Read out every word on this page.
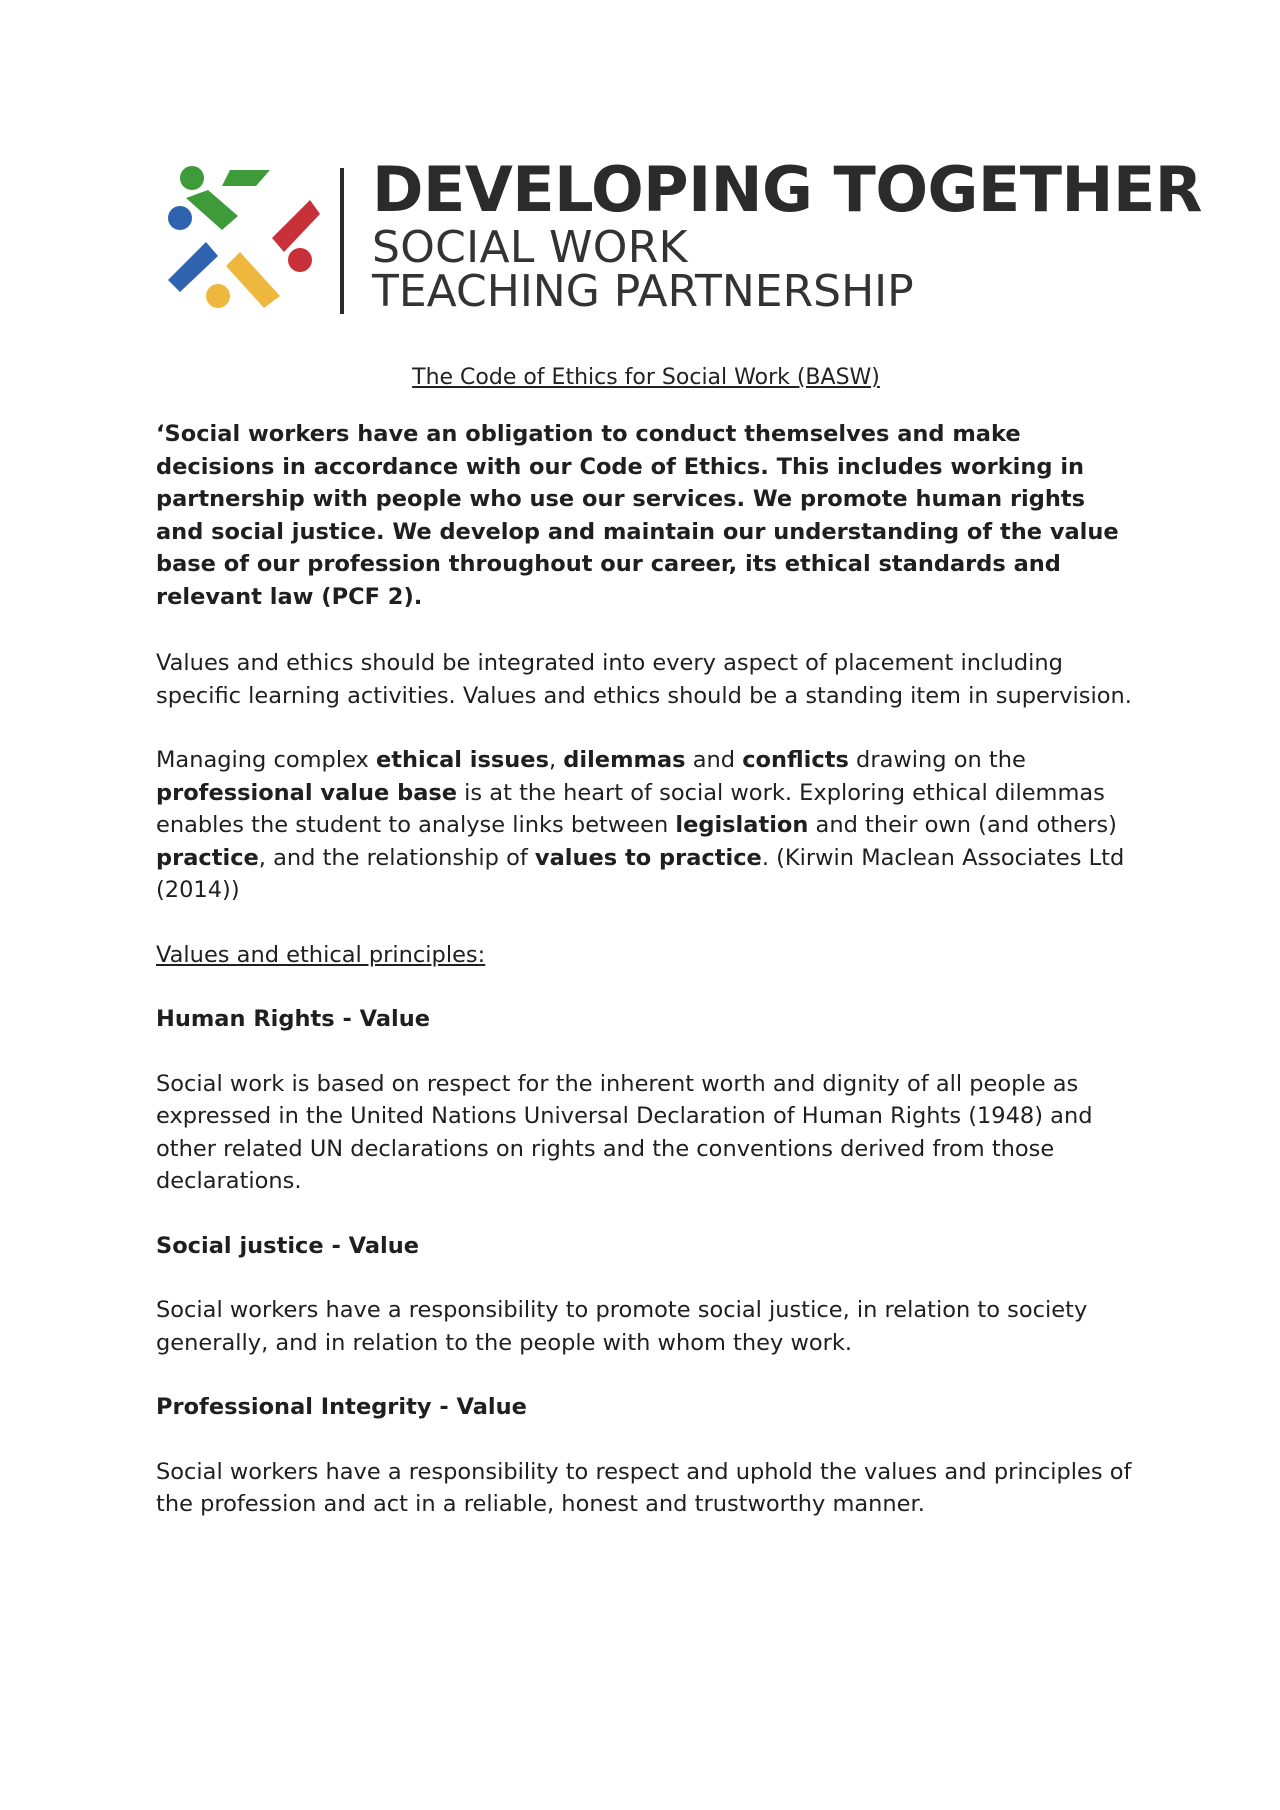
DEVELOPING TOGETHER
SOCIAL WORK
TEACHING PARTNERSHIP
The Code of Ethics for Social Work (BASW)

‘Social workers have an obligation to conduct themselves and make decisions in accordance with our Code of Ethics. This includes working in partnership with people who use our services. We promote human rights and social justice. We develop and maintain our understanding of the value base of our profession throughout our career, its ethical standards and relevant law (PCF 2).

Values and ethics should be integrated into every aspect of placement including specific learning activities. Values and ethics should be a standing item in supervision.

Managing complex ethical issues, dilemmas and conflicts drawing on the professional value base is at the heart of social work. Exploring ethical dilemmas enables the student to analyse links between legislation and their own (and others) practice, and the relationship of values to practice. (Kirwin Maclean Associates Ltd (2014))

Values and ethical principles:

Human Rights - Value

Social work is based on respect for the inherent worth and dignity of all people as expressed in the United Nations Universal Declaration of Human Rights (1948) and other related UN declarations on rights and the conventions derived from those declarations.

Social justice - Value

Social workers have a responsibility to promote social justice, in relation to society generally, and in relation to the people with whom they work.

Professional Integrity - Value

Social workers have a responsibility to respect and uphold the values and principles of the profession and act in a reliable, honest and trustworthy manner.
